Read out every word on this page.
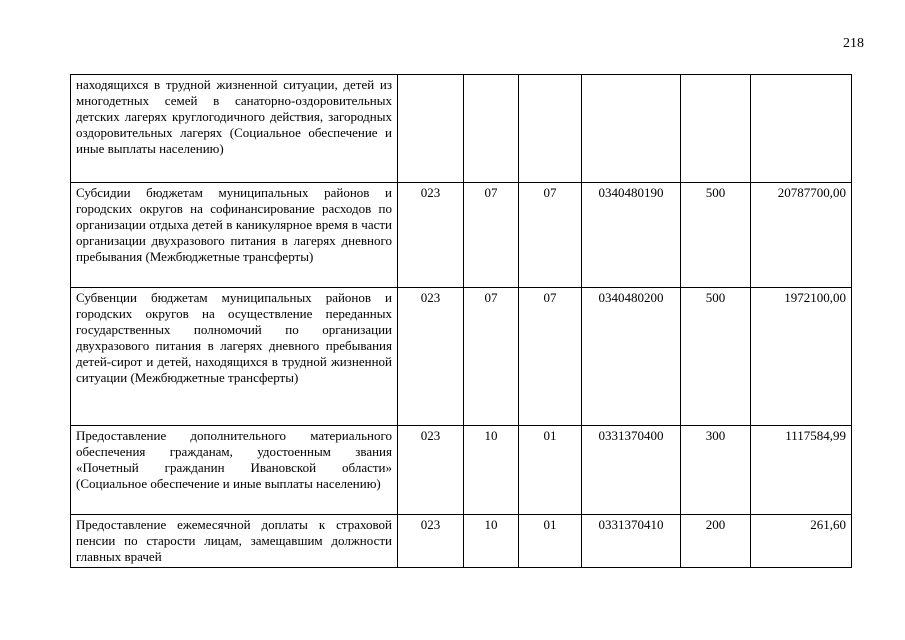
218
находящихся в трудной жизненной ситуации, детей из многодетных семей в санаторно-оздоровительных детских лагерях круглогодичного действия, загородных оздоровительных лагерях (Социальное обеспечение и иные выплаты населению)						
Субсидии бюджетам муниципальных районов и городских округов на софинансирование расходов по организации отдыха детей в каникулярное время в части организации двухразового питания в лагерях дневного пребывания (Межбюджетные трансферты)	023	07	07	0340480190	500	20787700,00
Субвенции бюджетам муниципальных районов и городских округов на осуществление переданных государственных полномочий по организации двухразового питания в лагерях дневного пребывания детей-сирот и детей, находящихся в трудной жизненной ситуации (Межбюджетные трансферты)	023	07	07	0340480200	500	1972100,00
Предоставление дополнительного материального обеспечения гражданам, удостоенным звания «Почетный гражданин Ивановской области» (Социальное обеспечение и иные выплаты населению)	023	10	01	0331370400	300	1117584,99
Предоставление ежемесячной доплаты к страховой пенсии по старости лицам, замещавшим должности главных врачей	023	10	01	0331370410	200	261,60
